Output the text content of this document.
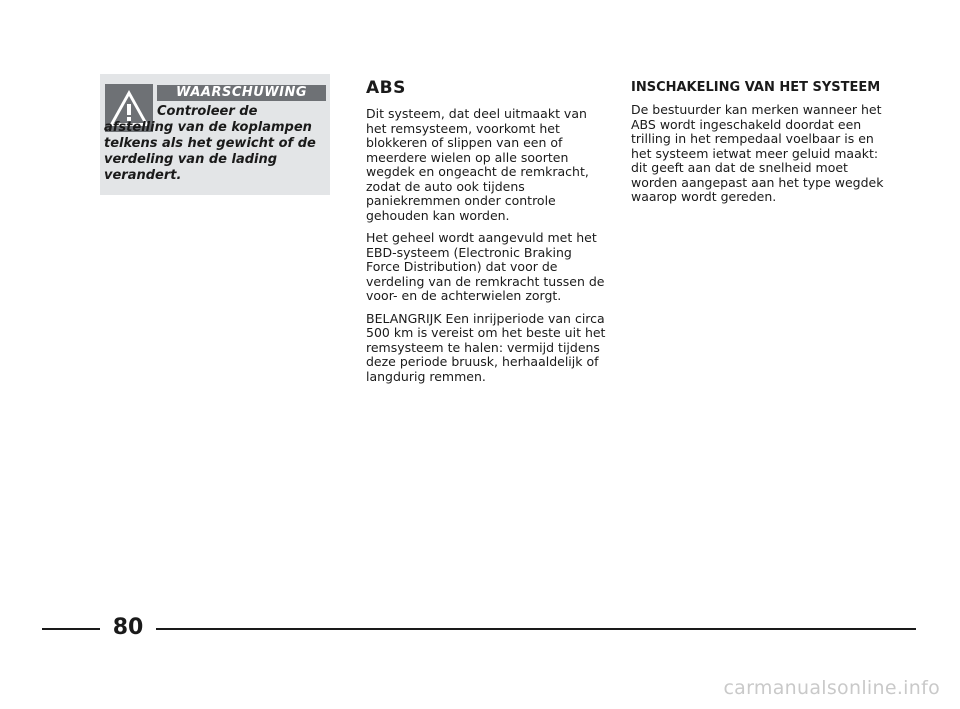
WAARSCHUWING
Controleer de afstelling van de koplampen telkens als het gewicht of de verdeling van de lading verandert.
ABS

Dit systeem, dat deel uitmaakt van het remsysteem, voorkomt het blokkeren of slippen van een of meerdere wielen op alle soorten wegdek en ongeacht de remkracht, zodat de auto ook tijdens paniekremmen onder controle gehouden kan worden.

Het geheel wordt aangevuld met het EBD-systeem (Electronic Braking Force Distribution) dat voor de verdeling van de remkracht tussen de voor- en de achterwielen zorgt.

BELANGRIJK Een inrijperiode van circa 500 km is vereist om het beste uit het remsysteem te halen: vermijd tijdens deze periode bruusk, herhaaldelijk of langdurig remmen.

INSCHAKELING VAN HET SYSTEEM

De bestuurder kan merken wanneer het ABS wordt ingeschakeld doordat een trilling in het rempedaal voelbaar is en het systeem ietwat meer geluid maakt: dit geeft aan dat de snelheid moet worden aangepast aan het type wegdek waarop wordt gereden.

80
carmanualsonline.info
